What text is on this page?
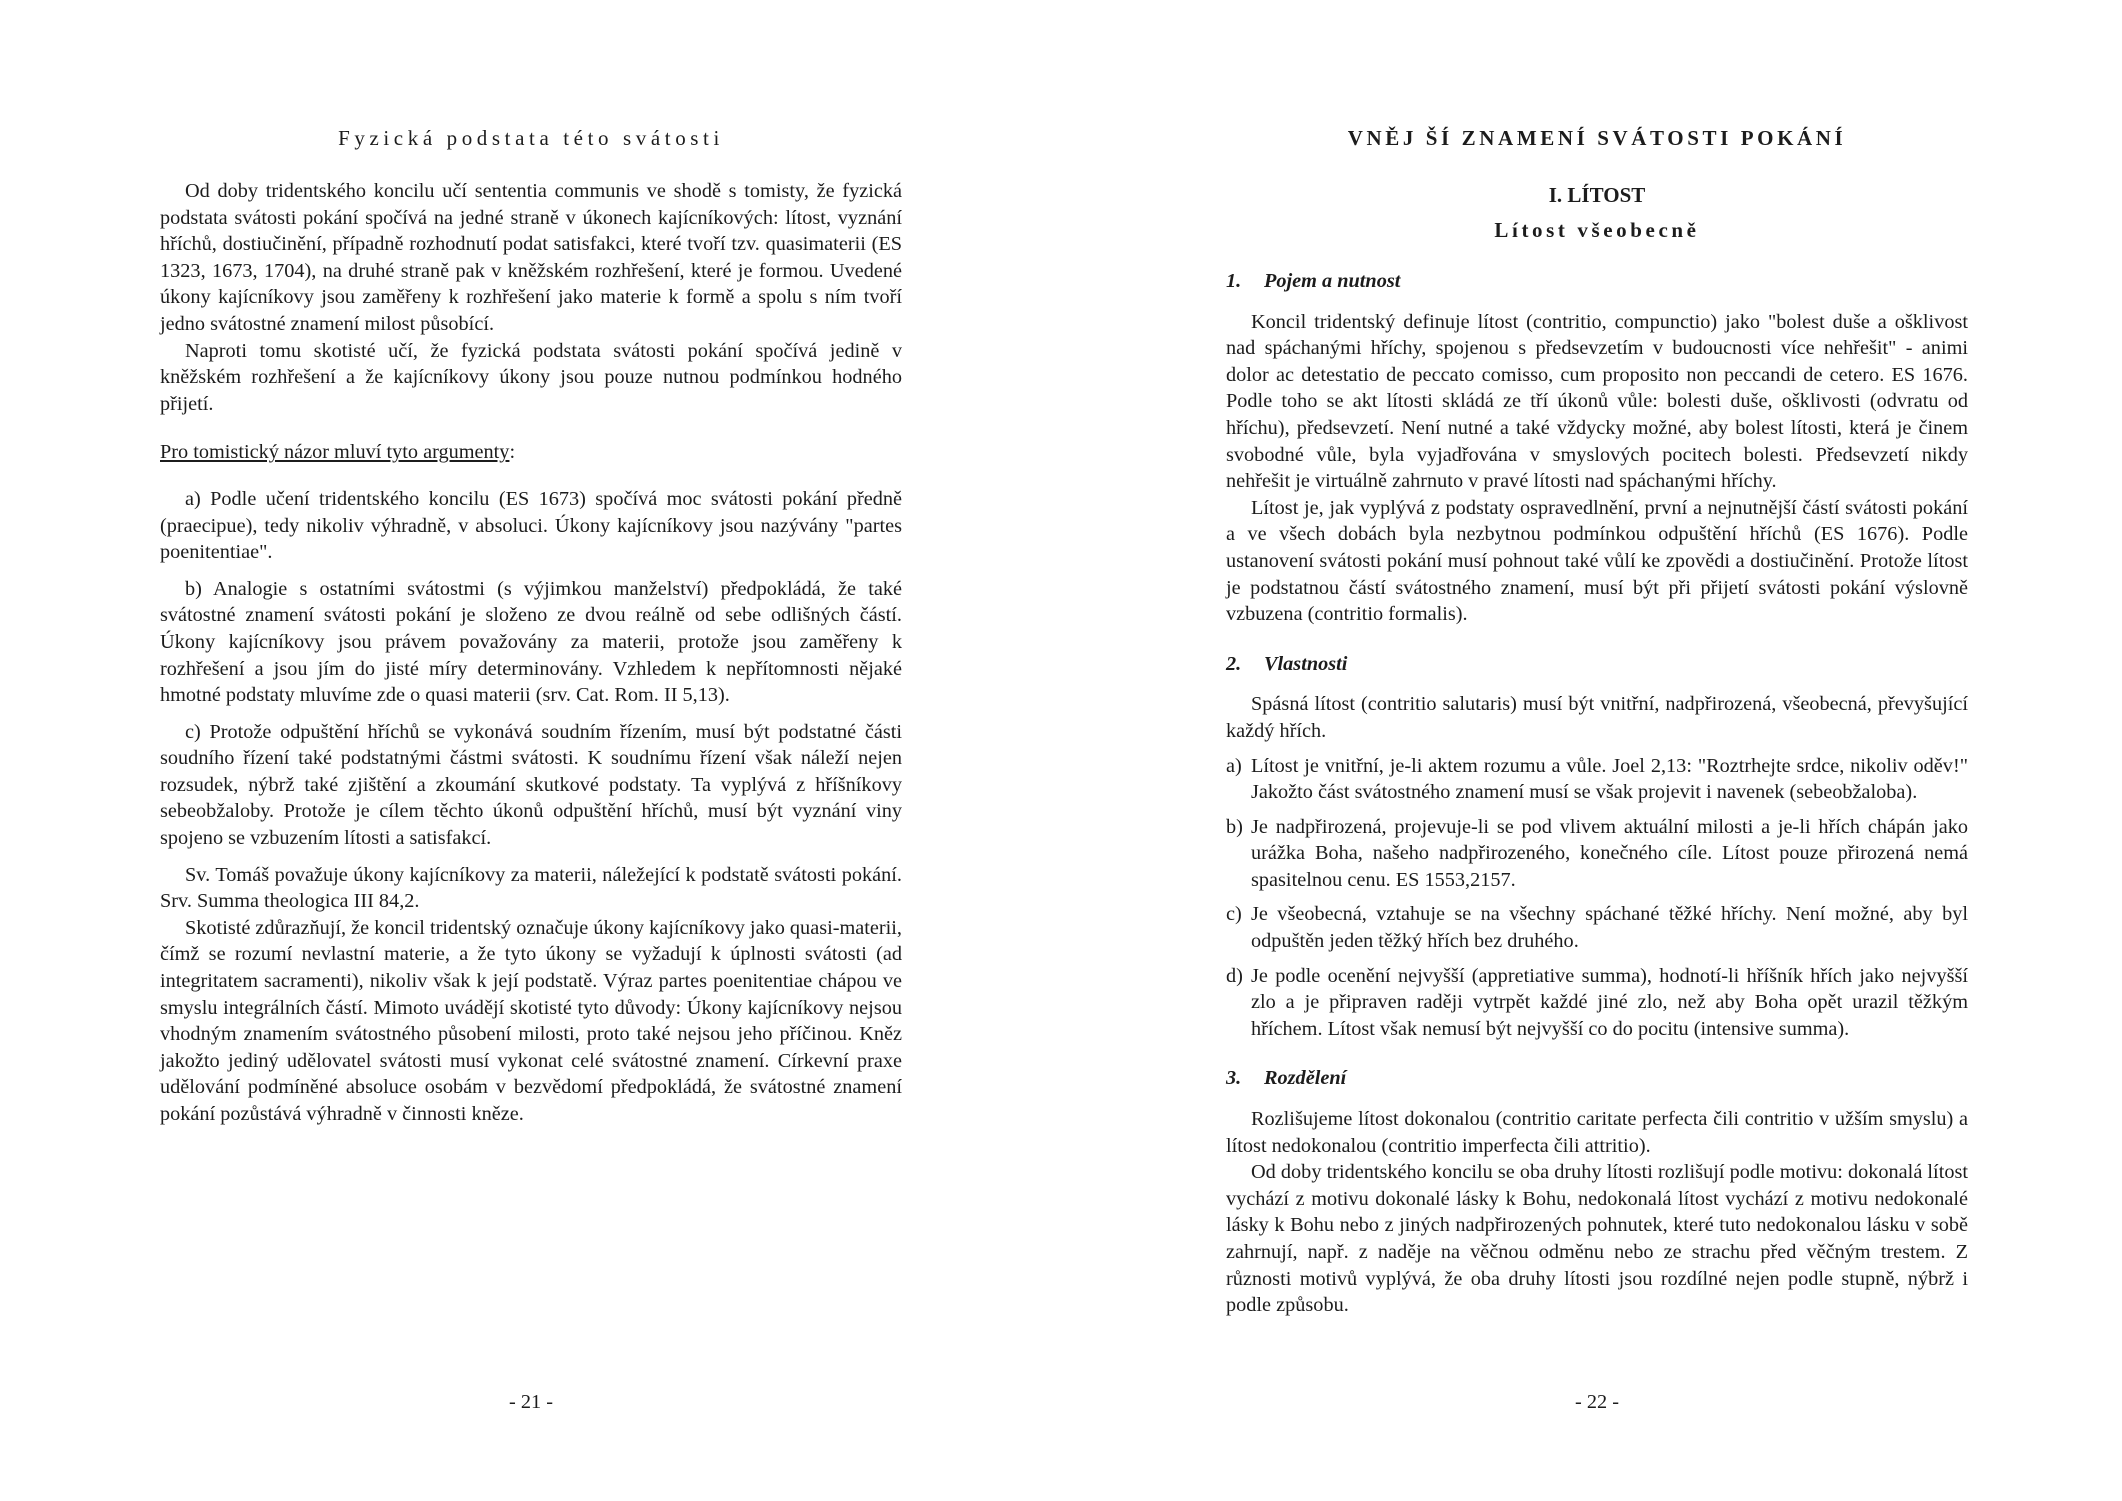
Fyzická podstata této svátosti

Od doby tridentského koncilu učí sententia communis ve shodě s tomisty, že fyzická podstata svátosti pokání spočívá na jedné straně v úkonech kajícníkových: lítost, vyznání hříchů, dostiučinění, případně rozhodnutí podat satisfakci, které tvoří tzv. quasimaterii (ES 1323, 1673, 1704), na druhé straně pak v kněžském rozhřešení, které je formou. Uvedené úkony kajícníkovy jsou zaměřeny k rozhřešení jako materie k formě a spolu s ním tvoří jedno svátostné znamení milost působící.

Naproti tomu skotisté učí, že fyzická podstata svátosti pokání spočívá jedině v kněžském rozhřešení a že kajícníkovy úkony jsou pouze nutnou podmínkou hodného přijetí.

Pro tomistický názor mluví tyto argumenty:

a) Podle učení tridentského koncilu (ES 1673) spočívá moc svátosti pokání předně (praecipue), tedy nikoliv výhradně, v absoluci. Úkony kajícníkovy jsou nazývány "partes poenitentiae".

b) Analogie s ostatními svátostmi (s výjimkou manželství) předpokládá, že také svátostné znamení svátosti pokání je složeno ze dvou reálně od sebe odlišných částí. Úkony kajícníkovy jsou právem považovány za materii, protože jsou zaměřeny k rozhřešení a jsou jím do jisté míry determinovány. Vzhledem k nepřítomnosti nějaké hmotné podstaty mluvíme zde o quasi materii (srv. Cat. Rom. II 5,13).

c) Protože odpuštění hříchů se vykonává soudním řízením, musí být podstatné části soudního řízení také podstatnými částmi svátosti. K soudnímu řízení však náleží nejen rozsudek, nýbrž také zjištění a zkoumání skutkové podstaty. Ta vyplývá z hříšníkovy sebeobžaloby. Protože je cílem těchto úkonů odpuštění hříchů, musí být vyznání viny spojeno se vzbuzením lítosti a satisfakcí.

Sv. Tomáš považuje úkony kajícníkovy za materii, náležející k podstatě svátosti pokání. Srv. Summa theologica III 84,2.

Skotisté zdůrazňují, že koncil tridentský označuje úkony kajícníkovy jako quasi-materii, čímž se rozumí nevlastní materie, a že tyto úkony se vyžadují k úplnosti svátosti (ad integritatem sacramenti), nikoliv však k její podstatě. Výraz partes poenitentiae chápou ve smyslu integrálních částí. Mimoto uvádějí skotisté tyto důvody: Úkony kajícníkovy nejsou vhodným znamením svátostného působení milosti, proto také nejsou jeho příčinou. Kněz jakožto jediný udělovatel svátosti musí vykonat celé svátostné znamení. Církevní praxe udělování podmíněné absoluce osobám v bezvědomí předpokládá, že svátostné znamení pokání pozůstává výhradně v činnosti kněze.

- 21 -
VNĚJ ŠÍ ZNAMENÍ SVÁTOSTI POKÁNÍ
I. LÍTOST
Lítost všeobecně
1. Pojem a nutnost

Koncil tridentský definuje lítost (contritio, compunctio) jako "bolest duše a ošklivost nad spáchanými hříchy, spojenou s předsevzetím v budoucnosti více nehřešit" - animi dolor ac detestatio de peccato comisso, cum proposito non peccandi de cetero. ES 1676. Podle toho se akt lítosti skládá ze tří úkonů vůle: bolesti duše, ošklivosti (odvratu od hříchu), předsevzetí. Není nutné a také vždycky možné, aby bolest lítosti, která je činem svobodné vůle, byla vyjadřována v smyslových pocitech bolesti. Předsevzetí nikdy nehřešit je virtuálně zahrnuto v pravé lítosti nad spáchanými hříchy.

Lítost je, jak vyplývá z podstaty ospravedlnění, první a nejnutnější částí svátosti pokání a ve všech dobách byla nezbytnou podmínkou odpuštění hříchů (ES 1676). Podle ustanovení svátosti pokání musí pohnout také vůlí ke zpovědi a dostiučinění. Protože lítost je podstatnou částí svátostného znamení, musí být při přijetí svátosti pokání výslovně vzbuzena (contritio formalis).

2. Vlastnosti

Spásná lítost (contritio salutaris) musí být vnitřní, nadpřirozená, všeobecná, převyšující každý hřích.

a) Lítost je vnitřní, je-li aktem rozumu a vůle. Joel 2,13: "Roztrhejte srdce, nikoliv oděv!" Jakožto část svátostného znamení musí se však projevit i navenek (sebeobžaloba).
b) Je nadpřirozená, projevuje-li se pod vlivem aktuální milosti a je-li hřích chápán jako urážka Boha, našeho nadpřirozeného, konečného cíle. Lítost pouze přirozená nemá spasitelnou cenu. ES 1553,2157.
c) Je všeobecná, vztahuje se na všechny spáchané těžké hříchy. Není možné, aby byl odpuštěn jeden těžký hřích bez druhého.
d) Je podle ocenění nejvyšší (appretiative summa), hodnotí-li hříšník hřích jako nejvyšší zlo a je připraven raději vytrpět každé jiné zlo, než aby Boha opět urazil těžkým hříchem. Lítost však nemusí být nejvyšší co do pocitu (intensive summa).
3. Rozdělení

Rozlišujeme lítost dokonalou (contritio caritate perfecta čili contritio v užším smyslu) a lítost nedokonalou (contritio imperfecta čili attritio).

Od doby tridentského koncilu se oba druhy lítosti rozlišují podle motivu: dokonalá lítost vychází z motivu dokonalé lásky k Bohu, nedokonalá lítost vychází z motivu nedokonalé lásky k Bohu nebo z jiných nadpřirozených pohnutek, které tuto nedokonalou lásku v sobě zahrnují, např. z naděje na věčnou odměnu nebo ze strachu před věčným trestem. Z různosti motivů vyplývá, že oba druhy lítosti jsou rozdílné nejen podle stupně, nýbrž i podle způsobu.

- 22 -
